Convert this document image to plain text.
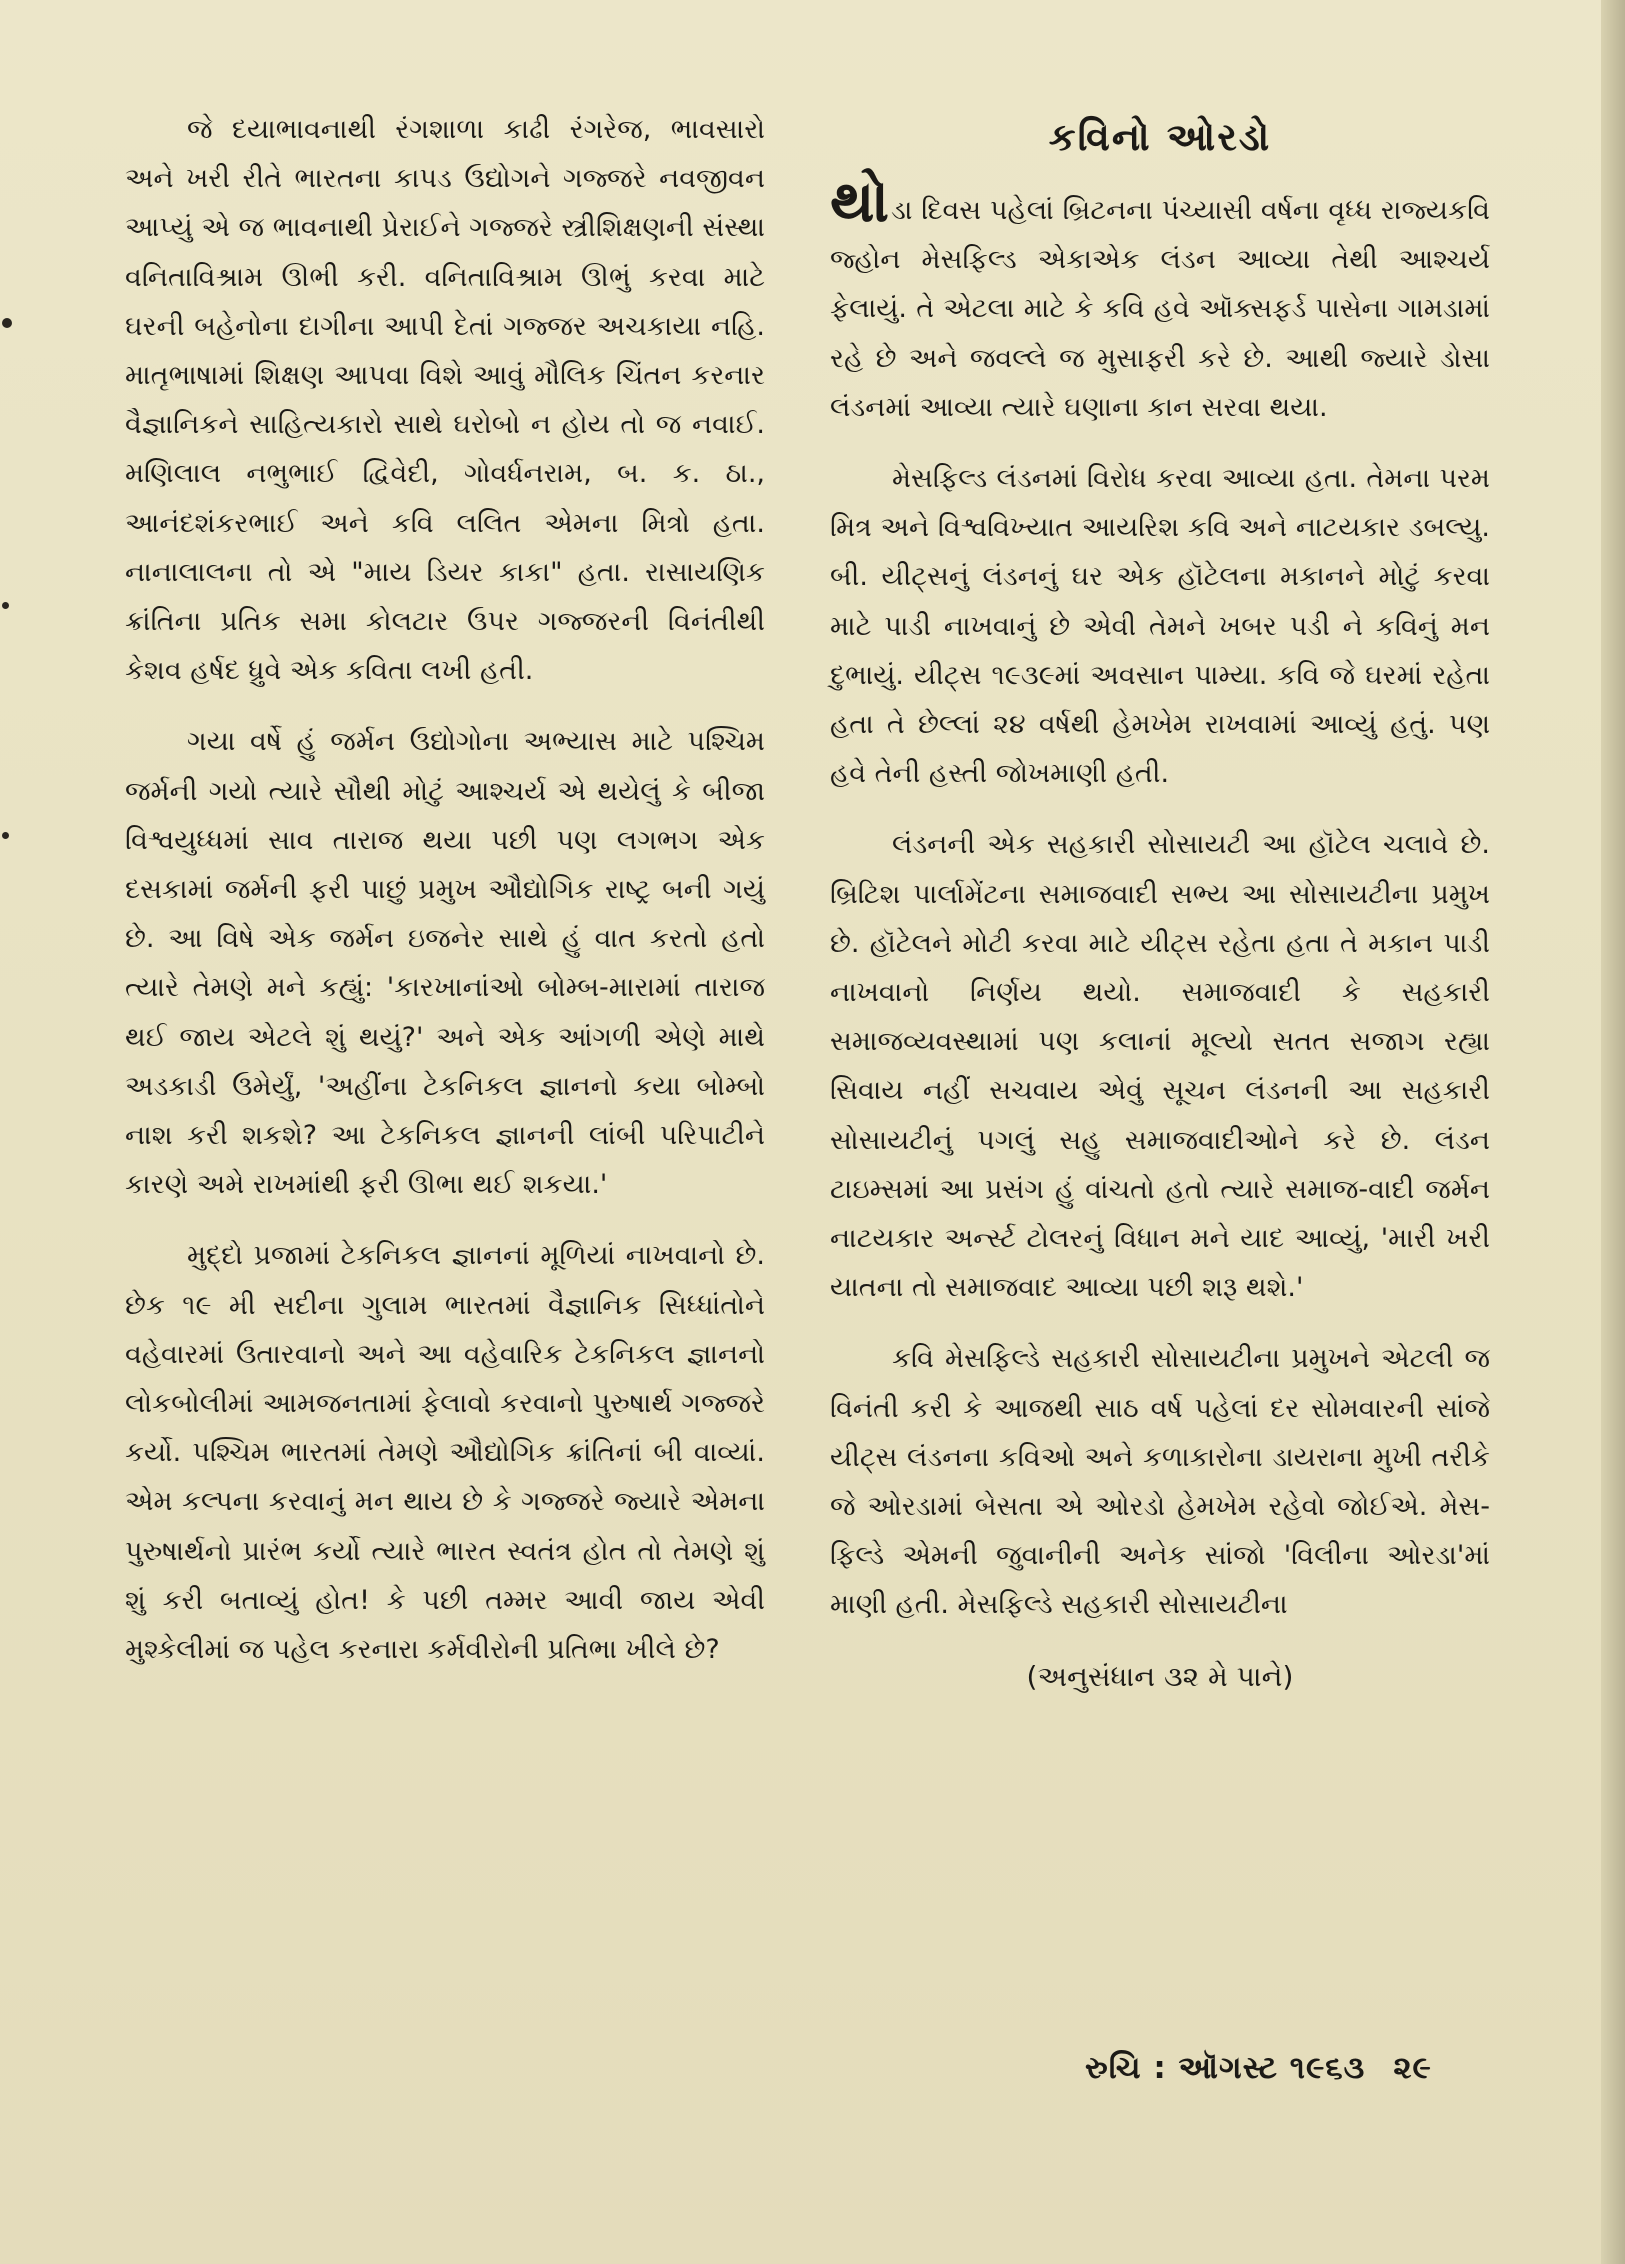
જે દયાભાવનાથી રંગશાળા કાઢી રંગરેજ, ભાવસારો અને ખરી રીતે ભારતના કાપડ ઉદ્યોગને ગજ્જરે નવજીવન આપ્યું એ જ ભાવનાથી પ્રેરાઈને ગજ્જરે સ્ત્રીશિક્ષણની સંસ્થા વનિતાવિશ્રામ ઊભી કરી. વનિતાવિશ્રામ ઊભું કરવા માટે ઘરની બહેનોના દાગીના આપી દેતાં ગજ્જર અચકાયા નહિ. માતૃભાષામાં શિક્ષણ આપવા વિશે આવું મૌલિક ચિંતન કરનાર વૈજ્ઞાનિકને સાહિત્યકારો સાથે ઘરોબો ન હોય તો જ નવાઈ. મણિલાલ નભુભાઈ દ્વિવેદી, ગોવર્ધનરામ, બ. ક. ઠા., આનંદશંકરભાઈ અને કવિ લલિત એમના મિત્રો હતા. નાનાલાલના તો એ "માય ડિયર કાકા" હતા. રાસાયણિક ક્રાંતિના પ્રતિક સમા કોલટાર ઉપર ગજ્જરની વિનંતીથી કેશવ હર્ષદ ધ્રુવે એક કવિતા લખી હતી.

ગયા વર્ષે હું જર્મન ઉદ્યોગોના અભ્યાસ માટે પશ્ચિમ જર્મની ગયો ત્યારે સૌથી મોટું આશ્ચર્ય એ થયેલું કે બીજા વિશ્વયુધ્ધમાં સાવ તારાજ થયા પછી પણ લગભગ એક દસકામાં જર્મની ફરી પાછું પ્રમુખ ઔદ્યોગિક રાષ્ટ્ર બની ગયું છે. આ વિષે એક જર્મન ઇજનેર સાથે હું વાત કરતો હતો ત્યારે તેમણે મને કહ્યું: 'કારખાનાંઓ બોમ્બ-મારામાં તારાજ થઈ જાય એટલે શું થયું?' અને એક આંગળી એણે માથે અડકાડી ઉમેર્યું, 'અહીંના ટેકનિકલ જ્ઞાનનો કયા બોમ્બો નાશ કરી શકશે? આ ટેકનિકલ જ્ઞાનની લાંબી પરિપાટીને કારણે અમે રાખમાંથી ફરી ઊભા થઈ શકયા.'

મુદ્દો પ્રજામાં ટેકનિકલ જ્ઞાનનાં મૂળિયાં નાખવાનો છે. છેક ૧૯ મી સદીના ગુલામ ભારતમાં વૈજ્ઞાનિક સિધ્ધાંતોને વહેવારમાં ઉતારવાનો અને આ વહેવારિક ટેકનિકલ જ્ઞાનનો લોકબોલીમાં આમજનતામાં ફેલાવો કરવાનો પુરુષાર્થ ગજ્જરે કર્યો. પશ્ચિમ ભારતમાં તેમણે ઔદ્યોગિક ક્રાંતિનાં બી વાવ્યાં. એમ કલ્પના કરવાનું મન થાય છે કે ગજ્જરે જ્યારે એમના પુરુષાર્થનો પ્રારંભ કર્યો ત્યારે ભારત સ્વતંત્ર હોત તો તેમણે શું શું કરી બતાવ્યું હોત! કે પછી તમ્મર આવી જાય એવી મુશ્કેલીમાં જ પહેલ કરનારા કર્મવીરોની પ્રતિભા ખીલે છે?

કવિનો ઓરડો

થોડા દિવસ પહેલાં બ્રિટનના પંચ્યાસી વર્ષના વૃધ્ધ રાજ્યકવિ જ્હોન મેસફિલ્ડ એકાએક લંડન આવ્યા તેથી આશ્ચર્ય ફેલાયું. તે એટલા માટે કે કવિ હવે ઑક્સફર્ડ પાસેના ગામડામાં રહે છે અને જવલ્લે જ મુસાફરી કરે છે. આથી જ્યારે ડોસા લંડનમાં આવ્યા ત્યારે ઘણાના કાન સરવા થયા.

મેસફિલ્ડ લંડનમાં વિરોધ કરવા આવ્યા હતા. તેમના પરમ મિત્ર અને વિશ્વવિખ્યાત આયરિશ કવિ અને નાટયકાર ડબલ્યુ. બી. યીટ્સનું લંડનનું ઘર એક હૉટેલના મકાનને મોટું કરવા માટે પાડી નાખવાનું છે એવી તેમને ખબર પડી ને કવિનું મન દુભાયું. યીટ્સ ૧૯૩૯માં અવસાન પામ્યા. કવિ જે ઘરમાં રહેતા હતા તે છેલ્લાં ૨૪ વર્ષથી હેમખેમ રાખવામાં આવ્યું હતું. પણ હવે તેની હસ્તી જોખમાણી હતી.

લંડનની એક સહકારી સોસાયટી આ હૉટેલ ચલાવે છે. બ્રિટિશ પાર્લામેંટના સમાજવાદી સભ્ય આ સોસાયટીના પ્રમુખ છે. હૉટેલને મોટી કરવા માટે યીટ્સ રહેતા હતા તે મકાન પાડી નાખવાનો નિર્ણય થયો. સમાજવાદી કે સહકારી સમાજવ્યવસ્થામાં પણ કલાનાં મૂલ્યો સતત સજાગ રહ્યા સિવાય નહીં સચવાય એવું સૂચન લંડનની આ સહકારી સોસાયટીનું પગલું સહુ સમાજવાદીઓને કરે છે. લંડન ટાઇમ્સમાં આ પ્રસંગ હું વાંચતો હતો ત્યારે સમાજ-વાદી જર્મન નાટયકાર અર્ન્સ્ટ ટોલરનું વિધાન મને યાદ આવ્યું, 'મારી ખરી યાતના તો સમાજવાદ આવ્યા પછી શરૂ થશે.'

કવિ મેસફિલ્ડે સહકારી સોસાયટીના પ્રમુખને એટલી જ વિનંતી કરી કે આજથી સાઠ વર્ષ પહેલાં દર સોમવારની સાંજે યીટ્સ લંડનના કવિઓ અને કળાકારોના ડાયરાના મુખી તરીકે જે ઓરડામાં બેસતા એ ઓરડો હેમખેમ રહેવો જોઈએ. મેસ-ફિલ્ડે એમની જુવાનીની અનેક સાંજો 'વિલીના ઓરડા'માં માણી હતી. મેસફિલ્ડે સહકારી સોસાયટીના

(અનુસંધાન ૩૨ મે પાને)
રુચિ : ઑગસ્ટ ૧૯૬૩ ૨૯
